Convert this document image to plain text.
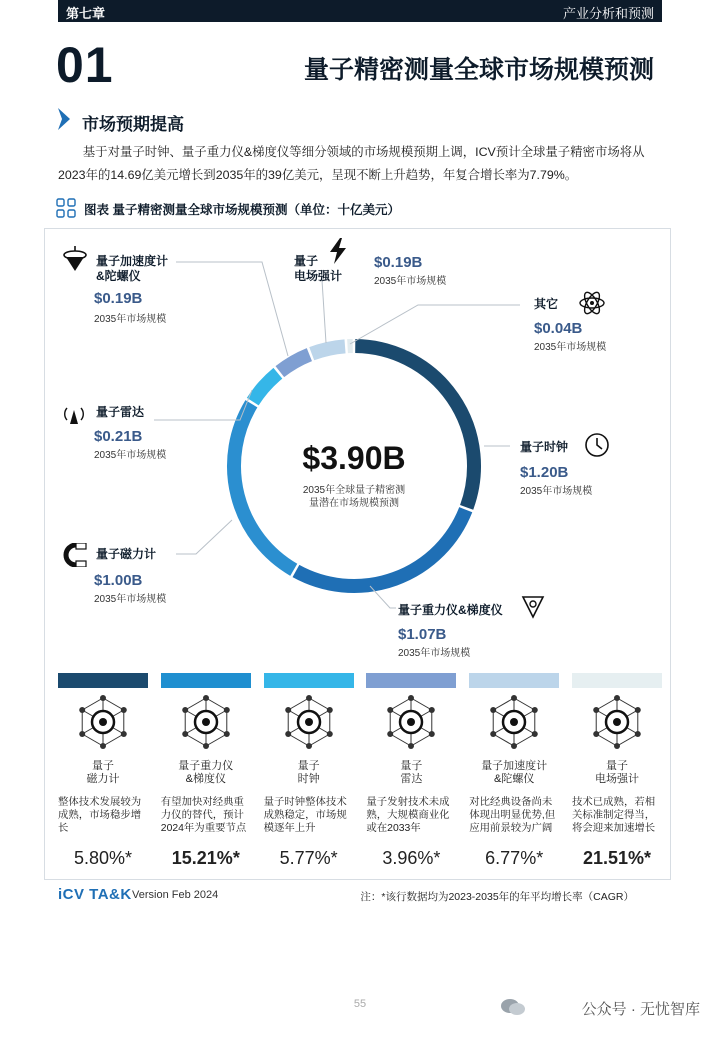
第七章	产业分析和预测
01	量子精密测量全球市场规模预测
市场预期提高

基于对量子时钟、量子重力仪&梯度仪等细分领域的市场规模预期上调，ICV预计全球量子精密市场将从2023年的14.69亿美元增长到2035年的39亿美元，呈现不断上升趋势，年复合增长率为7.79%。

图表 量子精密测量全球市场规模预测（单位：十亿美元）
$3.90B
2035年全球量子精密测
量潜在市场规模预测
量子加速度计
&陀螺仪
$0.19B
2035年市场规模
量子
电场强计
$0.19B
2035年市场规模
其它
$0.04B
2035年市场规模
量子雷达
$0.21B
2035年市场规模
量子时钟
$1.20B
2035年市场规模
量子磁力计
$1.00B
2035年市场规模
量子重力仪&梯度仪
$1.07B
2035年市场规模
量子
磁力计
整体技术发展较为成熟，市场稳步增长
5.80%*
量子重力仪
&梯度仪
有望加快对经典重力仪的替代，预计2024年为重要节点
15.21%*
量子
时钟
量子时钟整体技术成熟稳定，市场规模逐年上升
5.77%*
量子
雷达
量子发射技术未成熟，大规模商业化或在2033年
3.96%*
量子加速度计
&陀螺仪
对比经典设备尚未体现出明显优势,但应用前景较为广阔
6.77%*
量子
电场强计
技术已成熟，若相关标准制定得当，将会迎来加速增长
21.51%*
iCV TA&K Version Feb 2024	注：*该行数据均为2023-2035年的年平均增长率（CAGR）
55	公众号 · 无忧智库
